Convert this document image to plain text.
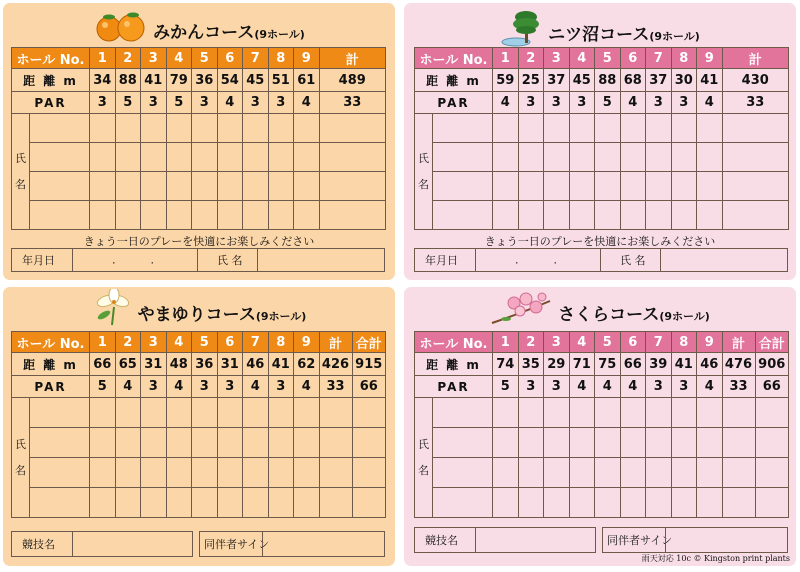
みかんコース(9ホール)
ホール No.	1	2	3	4	5	6	7	8	9	計
距 離 m	34	88	41	79	36	54	45	51	61	489
PAR	3	5	3	5	3	4	3	3	4	33
氏
名											

きょう一日のプレーを快適にお楽しみください
年月日	.          .	氏 名
ニツ沼コース(9ホール)
ホール No.	1	2	3	4	5	6	7	8	9	計
距 離 m	59	25	37	45	88	68	37	30	41	430
PAR	4	3	3	3	5	4	3	3	4	33
氏
名											

きょう一日のプレーを快適にお楽しみください
年月日	.          .	氏 名
やまゆりコース(9ホール)
ホール No.	1	2	3	4	5	6	7	8	9	計	合計
距 離 m	66	65	31	48	36	31	46	41	62	426	915
PAR	5	4	3	4	3	3	4	3	4	33	66
氏
名												

競技名	同伴者サイン
さくらコース(9ホール)
ホール No.	1	2	3	4	5	6	7	8	9	計	合計
距 離 m	74	35	29	71	75	66	39	41	46	476	906
PAR	5	3	3	4	4	4	3	3	4	33	66
氏
名												

競技名	同伴者サイン
雨天対応 10c © Kingston print plants
